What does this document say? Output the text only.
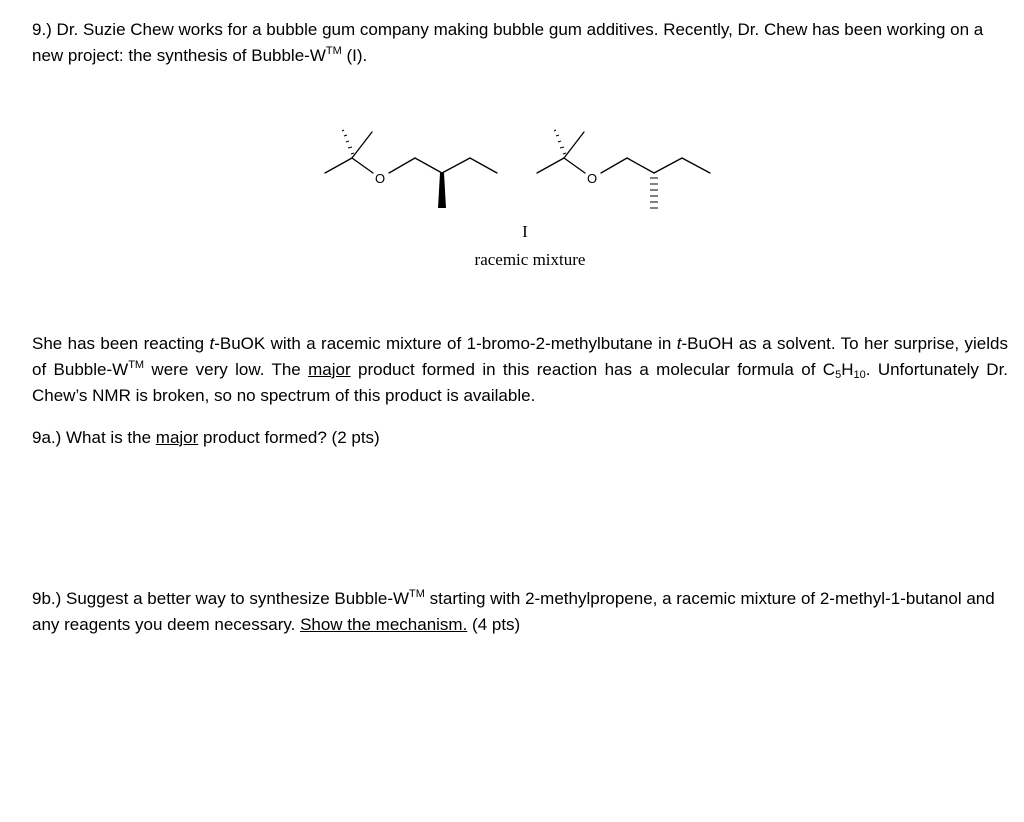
9.) Dr. Suzie Chew works for a bubble gum company making bubble gum additives. Recently, Dr. Chew has been working on a new project: the synthesis of Bubble-W™ (I).
O	O
I
racemic mixture
She has been reacting t-BuOK with a racemic mixture of 1-bromo-2-methylbutane in t-BuOH as a solvent. To her surprise, yields of Bubble-W™ were very low. The major product formed in this reaction has a molecular formula of $C_5H_{10}$. Unfortunately Dr. Chew’s NMR is broken, so no spectrum of this product is available.
9a.) What is the major product formed? (2 pts)
9b.) Suggest a better way to synthesize Bubble-W™ starting with 2-methylpropene, a racemic mixture of 2-methyl-1-butanol and any reagents you deem necessary. Show the mechanism. (4 pts)
